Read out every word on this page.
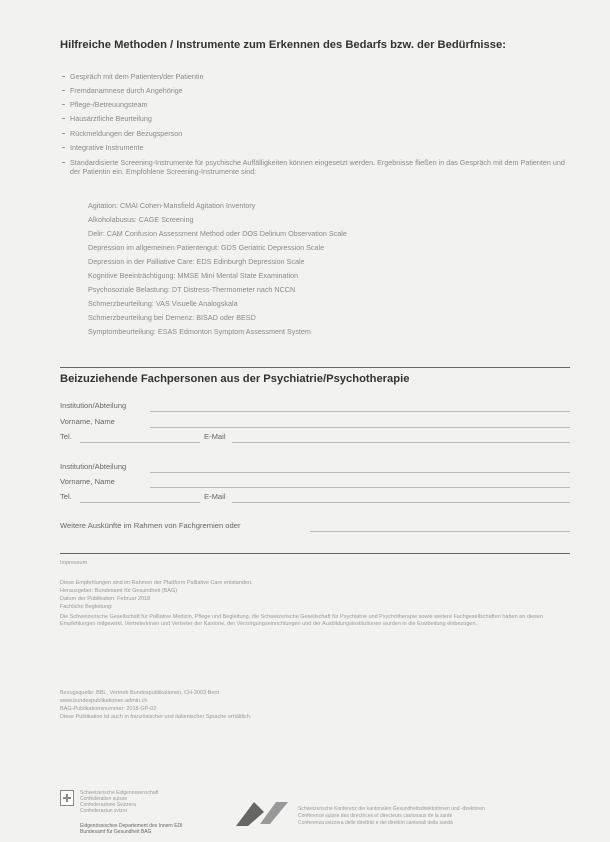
Hilfreiche Methoden / Instrumente zum Erkennen des Bedarfs bzw. der Bedürfnisse:
Gespräch mit dem Patienten/der Patientin
Fremdanamnese durch Angehörige
Pflege-/Betreuungsteam
Hausärztliche Beurteilung
Rückmeldungen der Bezugsperson
Integrative Instrumente
Standardisierte Screening-Instrumente für psychische Auffälligkeiten können eingesetzt werden. Ergebnisse fließen in das Gespräch mit dem Patienten und der Patientin ein. Empfohlene Screening-Instrumente sind:
Agitation: CMAI Cohen-Mansfield Agitation Inventory
Alkoholabusus: CAGE Screening
Delir: CAM Confusion Assessment Method oder DOS Delirium Observation Scale
Depression im allgemeinen Patientengut: GDS Geriatric Depression Scale
Depression in der Palliative Care: EDS Edinburgh Depression Scale
Kognitive Beeinträchtigung: MMSE Mini Mental State Examination
Psychosoziale Belastung: DT Distress-Thermometer nach NCCN
Schmerzbeurteilung: VAS Visuelle Analogskala
Schmerzbeurteilung bei Demenz: BISAD oder BESD
Symptombeurteilung: ESAS Edmonton Symptom Assessment System
Beizuziehende Fachpersonen aus der Psychiatrie/Psychotherapie
Institution/Abteilung
Vorname, Name
Tel.	E-Mail
Institution/Abteilung
Vorname, Name
Tel.	E-Mail
Weitere Auskünfte im Rahmen von Fachgremien oder
Impressum
Diese Empfehlungen sind im Rahmen der Plattform Palliative Care entstanden.
Herausgeber: Bundesamt für Gesundheit (BAG)
Datum der Publikation: Februar 2018
Fachliche Begleitung:
Die Schweizerische Gesellschaft für Palliative Medizin, Pflege und Begleitung, die Schweizerische Gesellschaft für Psychiatrie und Psychotherapie sowie weitere Fachgesellschaften haben an diesen Empfehlungen mitgewirkt. Vertreterinnen und Vertreter der Kantone, der Versorgungseinrichtungen und der Ausbildungsinstitutionen wurden in die Erarbeitung einbezogen.
Bezugsquelle: BBL, Vertrieb Bundespublikationen, CH-3003 Bern
www.bundespublikationen.admin.ch
BAG-Publikationsnummer: 2018-GP-02
Diese Publikation ist auch in französischer und italienischer Sprache erhältlich.
Schweizerische Eidgenossenschaft
Confédération suisse
Confederazione Svizzera
Confederaziun svizra
Eidgenössisches Departement des Innern EDI
Bundesamt für Gesundheit BAG
Schweizerische Konferenz der kantonalen Gesundheitsdirektorinnen und -direktoren
Conférence suisse des directrices et directeurs cantonaux de la santé
Conferenza svizzera delle direttrici e dei direttori cantonali della sanità
